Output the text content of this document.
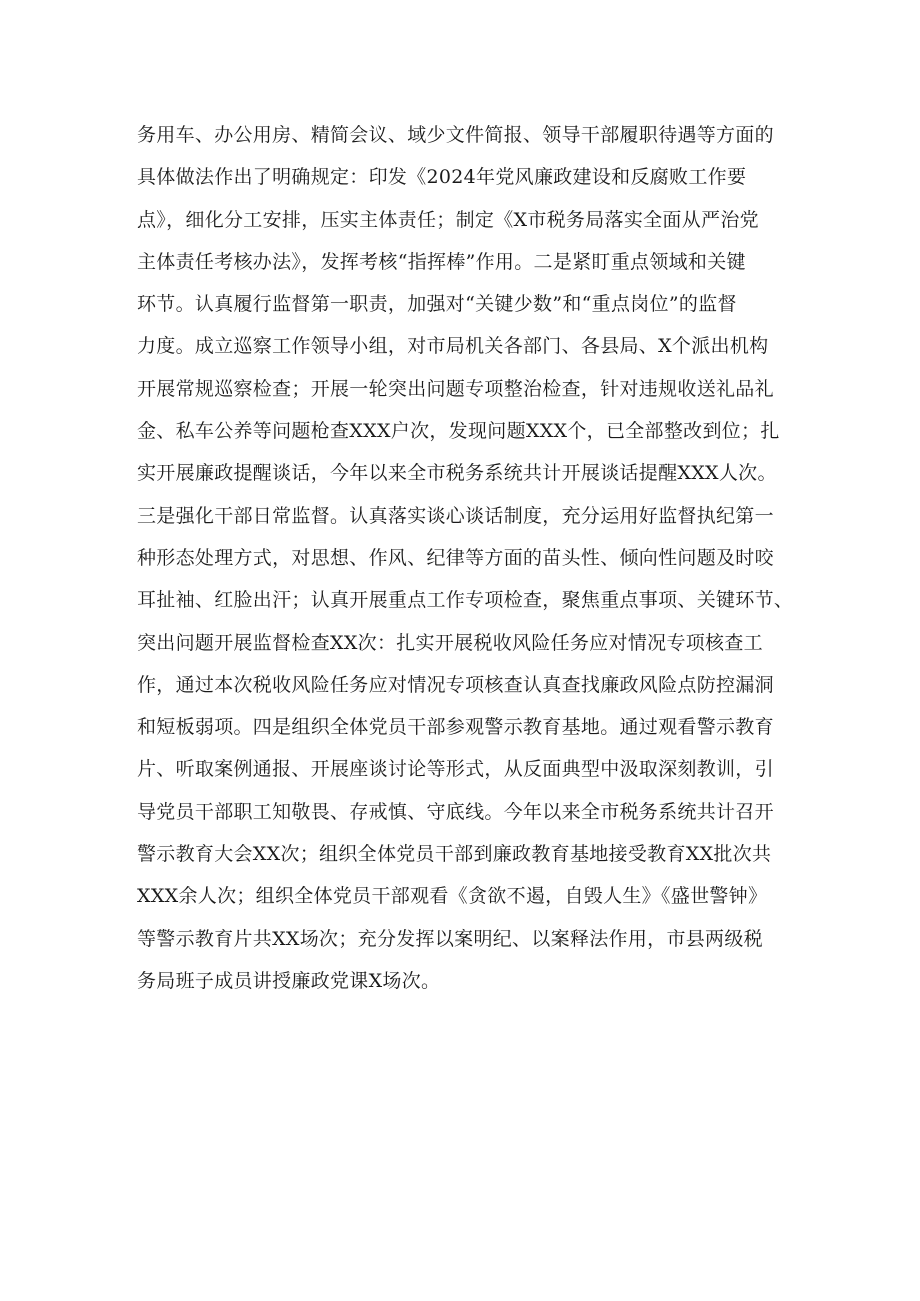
务用车、办公用房、精简会议、域少文件简报、领导干部履职待遇等方面的
具体做法作出了明确规定：印发《2024年党风廉政建设和反腐败工作要
点》，细化分工安排，压实主体责任；制定《X市税务局落实全面从严治党
主体责任考核办法》，发挥考核“指挥棒”作用。二是紧盯重点领域和关键
环节。认真履行监督第一职责，加强对“关键少数”和“重点岗位”的监督
力度。成立巡察工作领导小组，对市局机关各部门、各县局、X个派出机构
开展常规巡察检查；开展一轮突出问题专项整治检查，针对违规收送礼品礼
金、私车公养等问题枪查XXX户次，发现问题XXX个，已全部整改到位；扎
实开展廉政提醒谈话，今年以来全市税务系统共计开展谈话提醒XXX人次。
三是强化干部日常监督。认真落实谈心谈话制度，充分运用好监督执纪第一
种形态处理方式，对思想、作风、纪律等方面的苗头性、倾向性问题及时咬
耳扯袖、红脸出汗；认真开展重点工作专项检查，聚焦重点事项、关键环节、
突出问题开展监督检查XX次：扎实开展税收风险任务应对情况专项核查工
作，通过本次税收风险任务应对情况专项核查认真查找廉政风险点防控漏洞
和短板弱项。四是组织全体党员干部参观警示教育基地。通过观看警示教育
片、听取案例通报、开展座谈讨论等形式，从反面典型中汲取深刻教训，引
导党员干部职工知敬畏、存戒慎、守底线。今年以来全市税务系统共计召开
警示教育大会XX次；组织全体党员干部到廉政教育基地接受教育XX批次共
XXX余人次；组织全体党员干部观看《贪欲不遏，自毁人生》《盛世警钟》
等警示教育片共XX场次；充分发挥以案明纪、以案释法作用，市县两级税
务局班子成员讲授廉政党课X场次。
